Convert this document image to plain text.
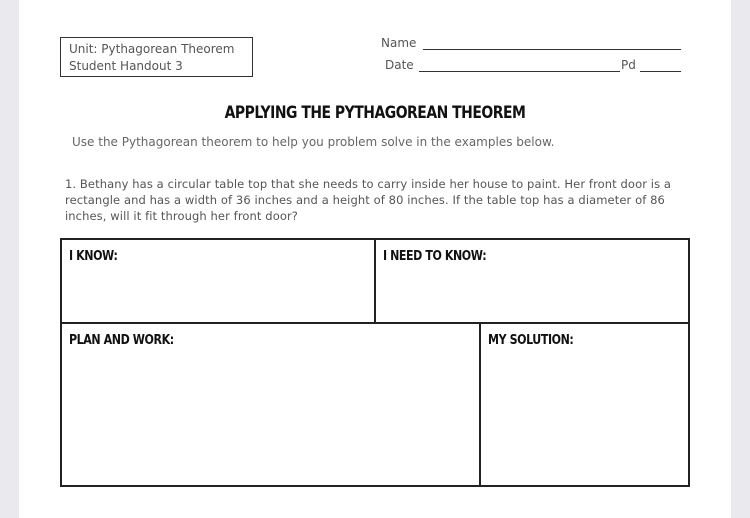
Unit: Pythagorean Theorem
Student Handout 3
Name
Date	Pd
APPLYING THE PYTHAGOREAN THEOREM
Use the Pythagorean theorem to help you problem solve in the examples below.
1. Bethany has a circular table top that she needs to carry inside her house to paint. Her front door is a rectangle and has a width of 36 inches and a height of 80 inches. If the table top has a diameter of 86 inches, will it fit through her front door?
I KNOW:	I NEED TO KNOW:
PLAN AND WORK:	MY SOLUTION:
